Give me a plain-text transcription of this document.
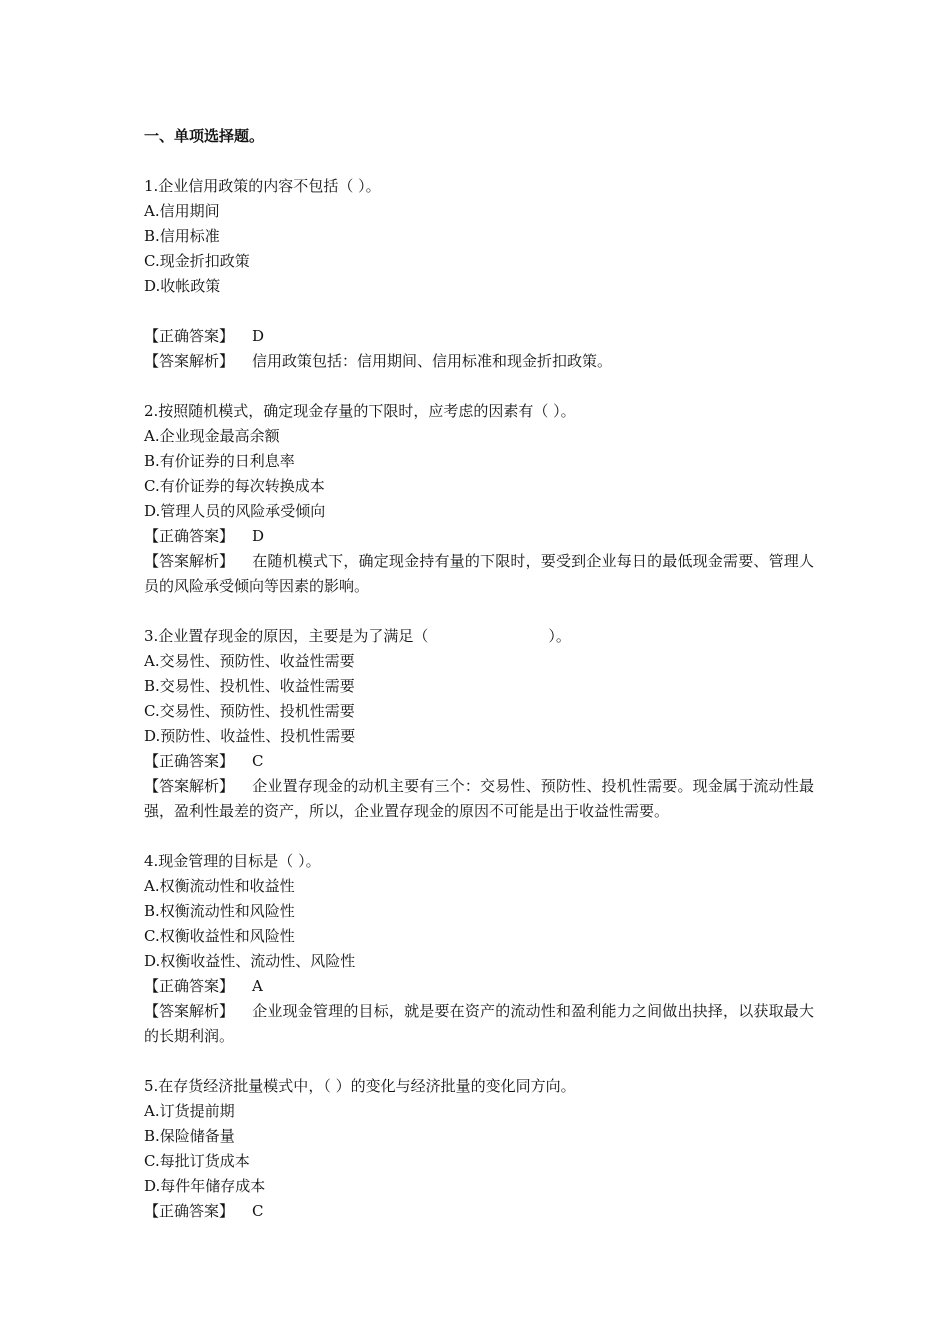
一、单项选择题。
1.企业信用政策的内容不包括（ ）。
A.信用期间
B.信用标准
C.现金折扣政策
D.收帐政策
【正确答案】 D
【答案解析】 信用政策包括：信用期间、信用标准和现金折扣政策。
2.按照随机模式，确定现金存量的下限时，应考虑的因素有（ ）。
A.企业现金最高余额
B.有价证券的日利息率
C.有价证券的每次转换成本
D.管理人员的风险承受倾向
【正确答案】 D
【答案解析】 在随机模式下，确定现金持有量的下限时，要受到企业每日的最低现金需要、管理人员的风险承受倾向等因素的影响。
3.企业置存现金的原因，主要是为了满足（　　　　　　　　）。
A.交易性、预防性、收益性需要
B.交易性、投机性、收益性需要
C.交易性、预防性、投机性需要
D.预防性、收益性、投机性需要
【正确答案】 C
【答案解析】 企业置存现金的动机主要有三个：交易性、预防性、投机性需要。现金属于流动性最强，盈利性最差的资产，所以，企业置存现金的原因不可能是出于收益性需要。
4.现金管理的目标是（ ）。
A.权衡流动性和收益性
B.权衡流动性和风险性
C.权衡收益性和风险性
D.权衡收益性、流动性、风险性
【正确答案】 A
【答案解析】 企业现金管理的目标，就是要在资产的流动性和盈利能力之间做出抉择，以获取最大的长期利润。
5.在存货经济批量模式中，（ ）的变化与经济批量的变化同方向。
A.订货提前期
B.保险储备量
C.每批订货成本
D.每件年储存成本
【正确答案】 C
